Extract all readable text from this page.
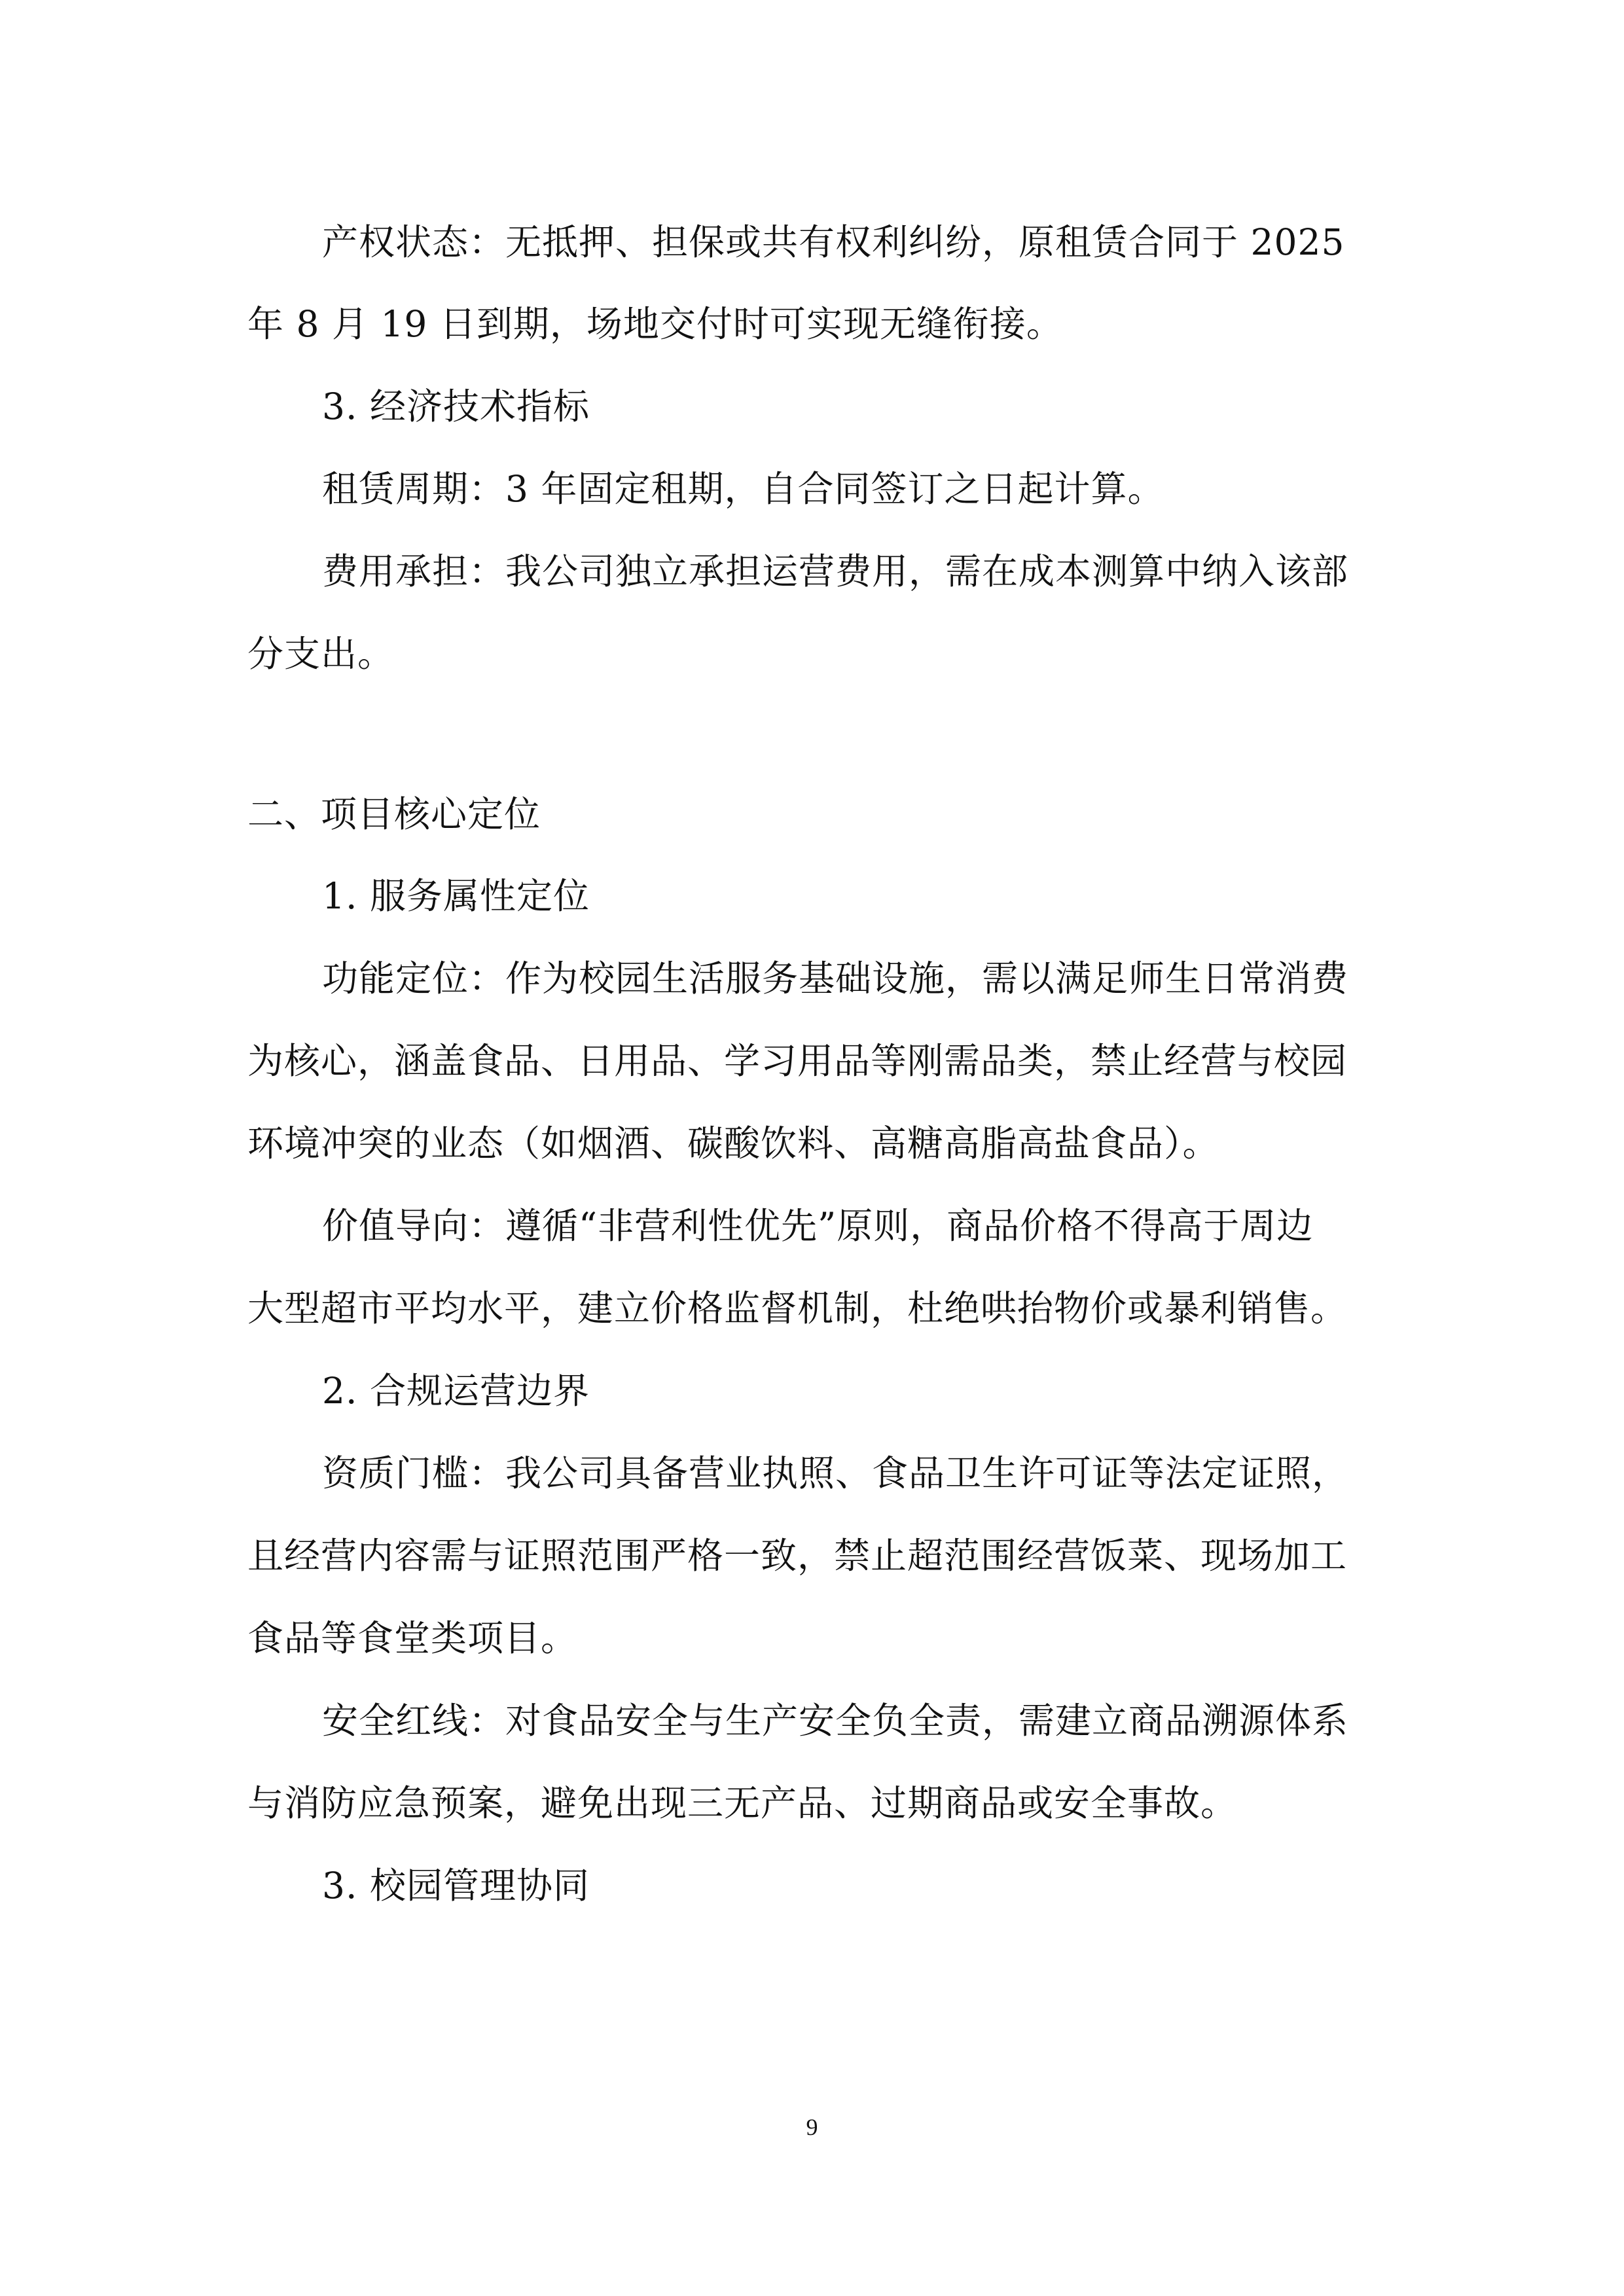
产权状态：无抵押、担保或共有权利纠纷，原租赁合同于 2025
年 8 月 19 日到期，场地交付时可实现无缝衔接。
3. 经济技术指标
租赁周期：3 年固定租期，自合同签订之日起计算。
费用承担：我公司独立承担运营费用，需在成本测算中纳入该部
分支出。
二、项目核心定位
1. 服务属性定位
功能定位：作为校园生活服务基础设施，需以满足师生日常消费
为核心，涵盖食品、日用品、学习用品等刚需品类，禁止经营与校园
环境冲突的业态（如烟酒、碳酸饮料、高糖高脂高盐食品）。
价值导向：遵循“非营利性优先”原则，商品价格不得高于周边
大型超市平均水平，建立价格监督机制，杜绝哄抬物价或暴利销售。
2. 合规运营边界
资质门槛：我公司具备营业执照、食品卫生许可证等法定证照，
且经营内容需与证照范围严格一致，禁止超范围经营饭菜、现场加工
食品等食堂类项目。
安全红线：对食品安全与生产安全负全责，需建立商品溯源体系
与消防应急预案，避免出现三无产品、过期商品或安全事故。
3. 校园管理协同
9
